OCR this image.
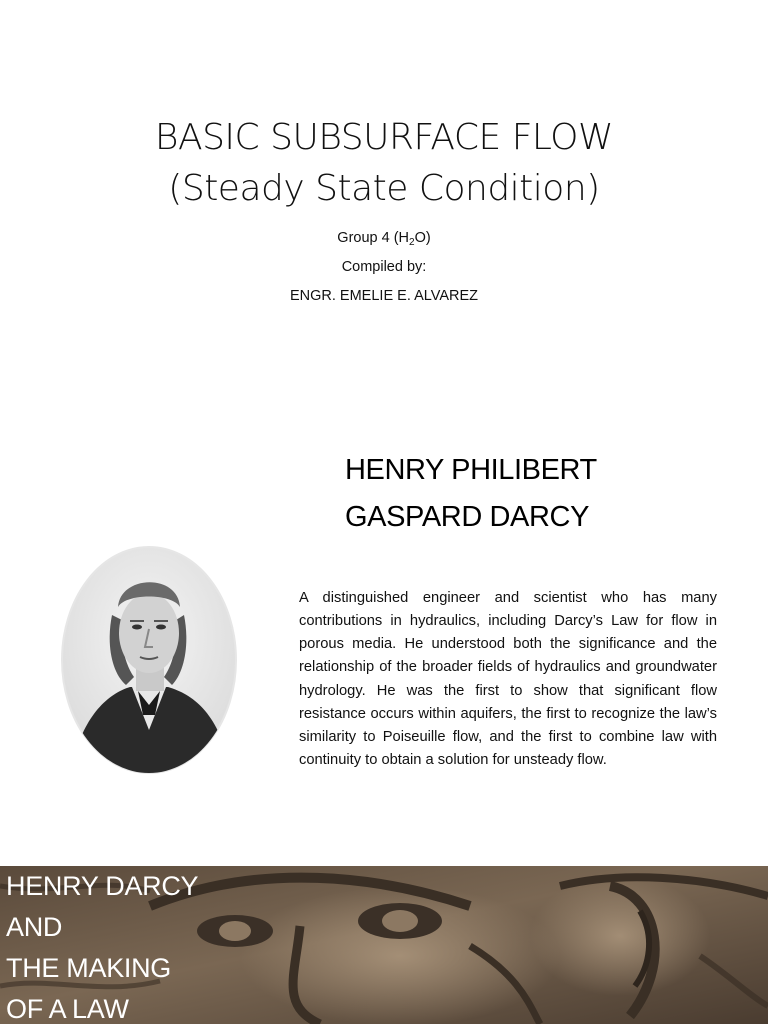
BASIC SUBSURFACE FLOW
(Steady State Condition)
Group 4 $(H_2O)$
Compiled by:
ENGR. EMELIE E. ALVAREZ
HENRY PHILIBERT
GASPARD DARCY

A distinguished engineer and scientist who has many contributions in hydraulics, including Darcy’s Law for flow in porous media. He understood both the significance and the relationship of the broader fields of hydraulics and groundwater hydrology. He was the first to show that significant flow resistance occurs within aquifers, the first to recognize the law’s similarity to Poiseuille flow, and the first to combine law with continuity to obtain a solution for unsteady flow.

HENRY DARCY
AND
THE MAKING
OF A LAW
